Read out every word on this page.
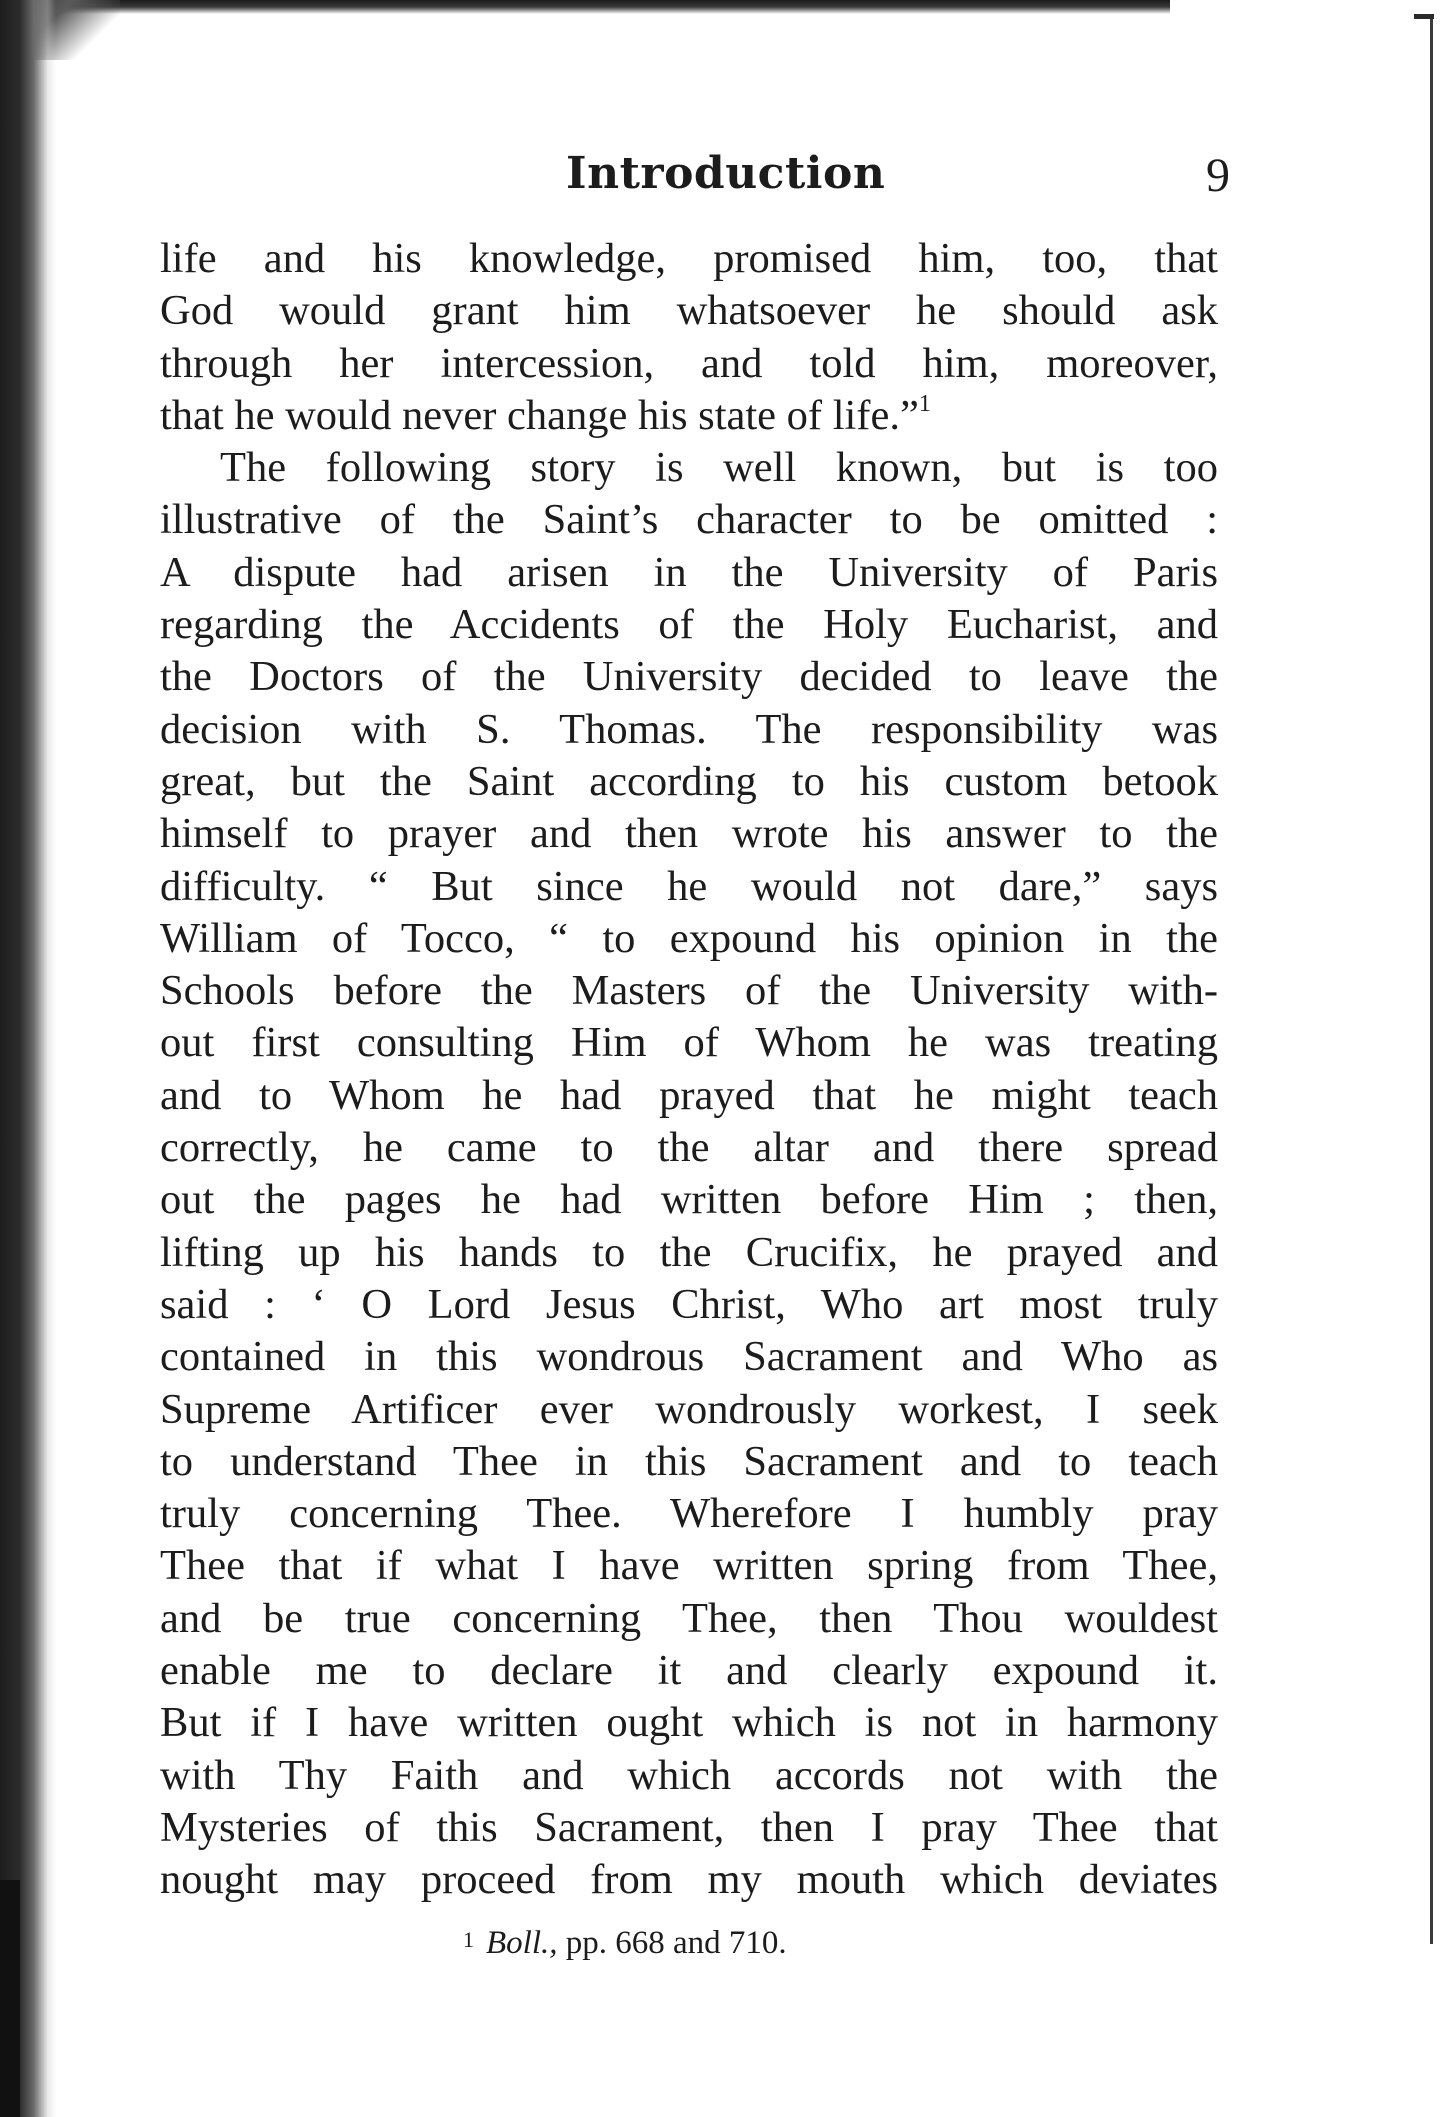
Introduction	9
life and his knowledge, promised him, too, that
God would grant him whatsoever he should ask
through her intercession, and told him, moreover,
that he would never change his state of life.”$^1$
The following story is well known, but is too
illustrative of the Saint’s character to be omitted :
A dispute had arisen in the University of Paris
regarding the Accidents of the Holy Eucharist, and
the Doctors of the University decided to leave the
decision with S. Thomas. The responsibility was
great, but the Saint according to his custom betook
himself to prayer and then wrote his answer to the
difficulty. “ But since he would not dare,” says
William of Tocco, “ to expound his opinion in the
Schools before the Masters of the University with-
out first consulting Him of Whom he was treating
and to Whom he had prayed that he might teach
correctly, he came to the altar and there spread
out the pages he had written before Him ; then,
lifting up his hands to the Crucifix, he prayed and
said : ‘ O Lord Jesus Christ, Who art most truly
contained in this wondrous Sacrament and Who as
Supreme Artificer ever wondrously workest, I seek
to understand Thee in this Sacrament and to teach
truly concerning Thee. Wherefore I humbly pray
Thee that if what I have written spring from Thee,
and be true concerning Thee, then Thou wouldest
enable me to declare it and clearly expound it.
But if I have written ought which is not in harmony
with Thy Faith and which accords not with the
Mysteries of this Sacrament, then I pray Thee that
nought may proceed from my mouth which deviates
$^1$ Boll., pp. 668 and 710.
